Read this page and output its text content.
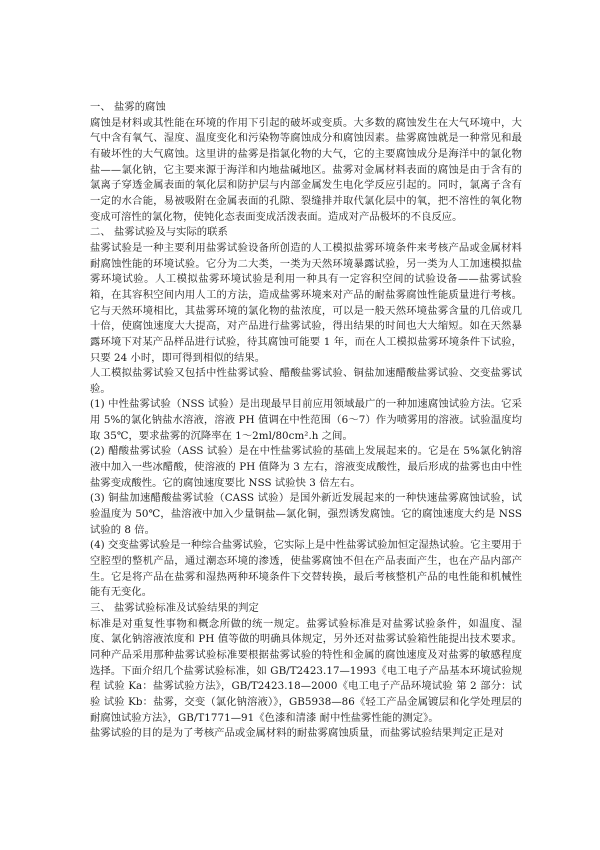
一、 盐雾的腐蚀

腐蚀是材料或其性能在环境的作用下引起的破坏或变质。大多数的腐蚀发生在大气环境中，大气中含有氧气、湿度、温度变化和污染物等腐蚀成分和腐蚀因素。盐雾腐蚀就是一种常见和最有破坏性的大气腐蚀。这里讲的盐雾是指氯化物的大气，它的主要腐蚀成分是海洋中的氯化物盐——氯化钠，它主要来源于海洋和内地盐碱地区。盐雾对金属材料表面的腐蚀是由于含有的氯离子穿透金属表面的氧化层和防护层与内部金属发生电化学反应引起的。同时，氯离子含有一定的水合能，易被吸附在金属表面的孔隙、裂缝排并取代氯化层中的氧，把不溶性的氧化物变成可溶性的氯化物，使钝化态表面变成活泼表面。造成对产品极坏的不良反应。

二、 盐雾试验及与实际的联系

盐雾试验是一种主要利用盐雾试验设备所创造的人工模拟盐雾环境条件来考核产品或金属材料耐腐蚀性能的环境试验。它分为二大类，一类为天然环境暴露试验，另一类为人工加速模拟盐雾环境试验。人工模拟盐雾环境试验是利用一种具有一定容积空间的试验设备——盐雾试验箱，在其容积空间内用人工的方法，造成盐雾环境来对产品的耐盐雾腐蚀性能质量进行考核。它与天然环境相比，其盐雾环境的氯化物的盐浓度，可以是一般天然环境盐雾含量的几倍或几十倍，使腐蚀速度大大提高，对产品进行盐雾试验，得出结果的时间也大大缩短。如在天然暴露环境下对某产品样品进行试验，待其腐蚀可能要 1 年，而在人工模拟盐雾环境条件下试验，只要 24 小时，即可得到相似的结果。

人工模拟盐雾试验又包括中性盐雾试验、醋酸盐雾试验、铜盐加速醋酸盐雾试验、交变盐雾试验。

(1) 中性盐雾试验（NSS 试验）是出现最早目前应用领域最广的一种加速腐蚀试验方法。它采用 5%的氯化钠盐水溶液，溶液 PH 值调在中性范围（6～7）作为喷雾用的溶液。试验温度均取 35℃，要求盐雾的沉降率在 1～2ml/80cm².h 之间。

(2) 醋酸盐雾试验（ASS 试验）是在中性盐雾试验的基础上发展起来的。它是在 5%氯化钠溶液中加入一些冰醋酸，使溶液的 PH 值降为 3 左右，溶液变成酸性，最后形成的盐雾也由中性盐雾变成酸性。它的腐蚀速度要比 NSS 试验快 3 倍左右。

(3) 铜盐加速醋酸盐雾试验（CASS 试验）是国外新近发展起来的一种快速盐雾腐蚀试验，试验温度为 50℃，盐溶液中加入少量铜盐—氯化铜，强烈诱发腐蚀。它的腐蚀速度大约是 NSS 试验的 8 倍。

(4) 交变盐雾试验是一种综合盐雾试验，它实际上是中性盐雾试验加恒定湿热试验。它主要用于空腔型的整机产品，通过潮态环境的渗透，使盐雾腐蚀不但在产品表面产生，也在产品内部产生。它是将产品在盐雾和湿热两种环境条件下交替转换，最后考核整机产品的电性能和机械性能有无变化。

三、 盐雾试验标准及试验结果的判定

标准是对重复性事物和概念所做的统一规定。盐雾试验标准是对盐雾试验条件，如温度、湿度、氯化钠溶液浓度和 PH 值等做的明确具体规定，另外还对盐雾试验箱性能提出技术要求。同种产品采用那种盐雾试验标准要根据盐雾试验的特性和金属的腐蚀速度及对盐雾的敏感程度选择。下面介绍几个盐雾试验标准，如 GB/T2423.17—1993《电工电子产品基本环境试验规程 试验 Ka：盐雾试验方法》，GB/T2423.18—2000《电工电子产品环境试验 第 2 部分：试验 试验 Kb：盐雾，交变（氯化钠溶液）》，GB5938—86《轻工产品金属镀层和化学处理层的耐腐蚀试验方法》，GB/T1771—91《色漆和清漆 耐中性盐雾性能的测定》。

盐雾试验的目的是为了考核产品或金属材料的耐盐雾腐蚀质量，而盐雾试验结果判定正是对
